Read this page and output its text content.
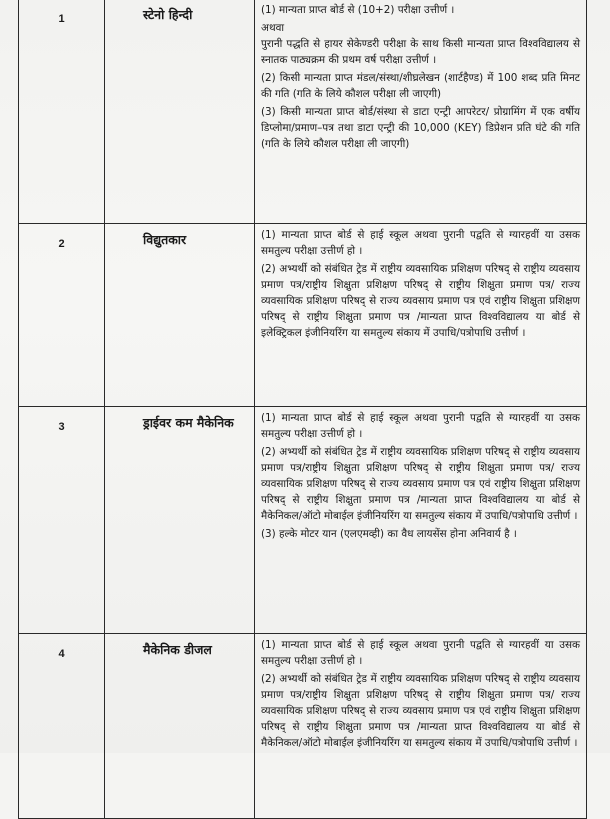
1	स्टेनो हिन्दी	(1) मान्यता प्राप्त बोर्ड से (10+2) परीक्षा उत्तीर्ण ।

अथवा

पुरानी पद्धति से हायर सेकेण्डरी परीक्षा के साथ किसी मान्यता प्राप्त विश्वविद्यालय से स्नातक पाठ्यक्रम की प्रथम वर्ष परीक्षा उत्तीर्ण ।

(2) किसी मान्यता प्राप्त मंडल/संस्था/शीघ्रलेखन (शार्टहैण्ड) में 100 शब्द प्रति मिनट की गति (गति के लिये कौशल परीक्षा ली जाएगी)

(3) किसी मान्यता प्राप्त बोर्ड/संस्था से डाटा एन्ट्री आपरेटर/ प्रोग्रामिंग में एक वर्षीय डिप्लोमा/प्रमाण–पत्र तथा डाटा एन्ट्री की 10,000 (KEY) डिप्रेशन प्रति घंटे की गति (गति के लिये कौशल परीक्षा ली जाएगी)

2	विद्युतकार	(1) मान्यता प्राप्त बोर्ड से हाई स्कूल अथवा पुरानी पद्वति से ग्यारहवीं या उसक समतुल्य परीक्षा उत्तीर्ण हो ।

(2) अभ्यर्थी को संबंधित ट्रेड में राष्ट्रीय व्यवसायिक प्रशिक्षण परिषद् से राष्ट्रीय व्यवसाय प्रमाण पत्र/राष्ट्रीय शिक्षुता प्रशिक्षण परिषद् से राष्ट्रीय शिक्षुता प्रमाण पत्र/ राज्य व्यवसायिक प्रशिक्षण परिषद् से राज्य व्यवसाय प्रमाण पत्र एवं राष्ट्रीय शिक्षुता प्रशिक्षण परिषद् से राष्ट्रीय शिक्षुता प्रमाण पत्र /मान्यता प्राप्त विश्वविद्यालय या बोर्ड से इलेक्ट्रिकल इंजीनियरिंग या समतुल्य संकाय में उपाधि/पत्रोपाधि उत्तीर्ण ।

3	ड्राईवर कम मैकेनिक	(1) मान्यता प्राप्त बोर्ड से हाई स्कूल अथवा पुरानी पद्वति से ग्यारहवीं या उसक समतुल्य परीक्षा उत्तीर्ण हो ।

(2) अभ्यर्थी को संबंधित ट्रेड में राष्ट्रीय व्यवसायिक प्रशिक्षण परिषद् से राष्ट्रीय व्यवसाय प्रमाण पत्र/राष्ट्रीय शिक्षुता प्रशिक्षण परिषद् से राष्ट्रीय शिक्षुता प्रमाण पत्र/ राज्य व्यवसायिक प्रशिक्षण परिषद् से राज्य व्यवसाय प्रमाण पत्र एवं राष्ट्रीय शिक्षुता प्रशिक्षण परिषद् से राष्ट्रीय शिक्षुता प्रमाण पत्र /मान्यता प्राप्त विश्वविद्यालय या बोर्ड से मैकेनिकल/ऑटो मोबाईल इंजीनियरिंग या समतुल्य संकाय में उपाधि/पत्रोपाधि उत्तीर्ण ।

(3) हल्के मोटर यान (एलएमव्ही) का वैध लायसेंस होना अनिवार्य है ।

4	मैकेनिक डीजल	(1) मान्यता प्राप्त बोर्ड से हाई स्कूल अथवा पुरानी पद्वति से ग्यारहवीं या उसक समतुल्य परीक्षा उत्तीर्ण हो ।

(2) अभ्यर्थी को संबंधित ट्रेड में राष्ट्रीय व्यवसायिक प्रशिक्षण परिषद् से राष्ट्रीय व्यवसाय प्रमाण पत्र/राष्ट्रीय शिक्षुता प्रशिक्षण परिषद् से राष्ट्रीय शिक्षुता प्रमाण पत्र/ राज्य व्यवसायिक प्रशिक्षण परिषद् से राज्य व्यवसाय प्रमाण पत्र एवं राष्ट्रीय शिक्षुता प्रशिक्षण परिषद् से राष्ट्रीय शिक्षुता प्रमाण पत्र /मान्यता प्राप्त विश्वविद्यालय या बोर्ड से मैकेनिकल/ऑटो मोबाईल इंजीनियरिंग या समतुल्य संकाय में उपाधि/पत्रोपाधि उत्तीर्ण ।
